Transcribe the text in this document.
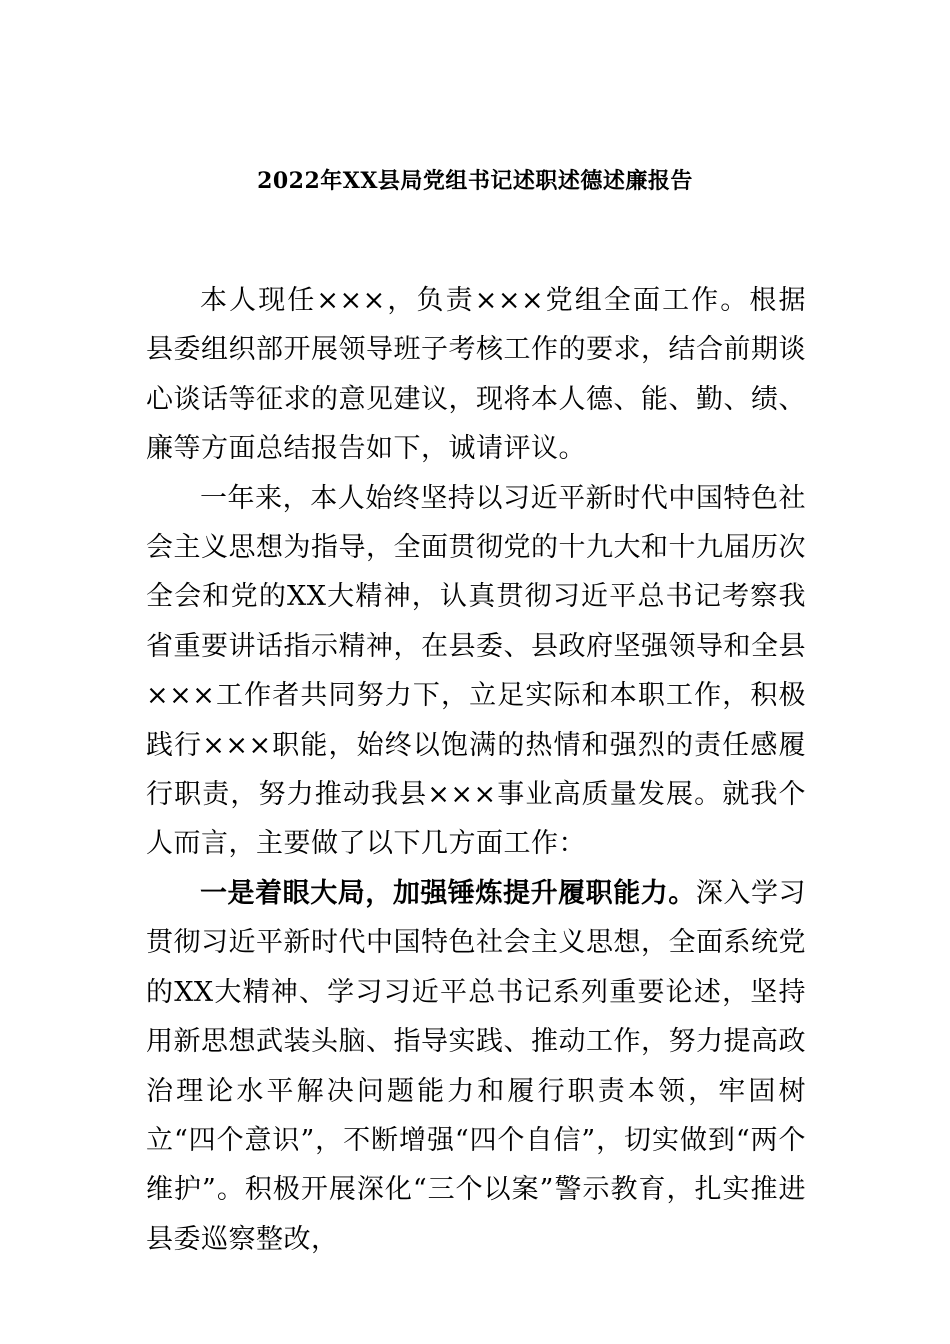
2022年XX县局党组书记述职述德述廉报告

本人现任×××，负责×××党组全面工作。根据县委组织部开展领导班子考核工作的要求，结合前期谈心谈话等征求的意见建议，现将本人德、能、勤、绩、廉等方面总结报告如下，诚请评议。

一年来，本人始终坚持以习近平新时代中国特色社会主义思想为指导，全面贯彻党的十九大和十九届历次全会和党的XX大精神，认真贯彻习近平总书记考察我省重要讲话指示精神，在县委、县政府坚强领导和全县×××工作者共同努力下，立足实际和本职工作，积极践行×××职能，始终以饱满的热情和强烈的责任感履行职责，努力推动我县×××事业高质量发展。就我个人而言，主要做了以下几方面工作：

一是着眼大局，加强锤炼提升履职能力。深入学习贯彻习近平新时代中国特色社会主义思想，全面系统党的XX大精神、学习习近平总书记系列重要论述，坚持用新思想武装头脑、指导实践、推动工作，努力提高政治理论水平解决问题能力和履行职责本领，牢固树立“四个意识”，不断增强“四个自信”，切实做到“两个维护”。积极开展深化“三个以案”警示教育，扎实推进县委巡察整改，
